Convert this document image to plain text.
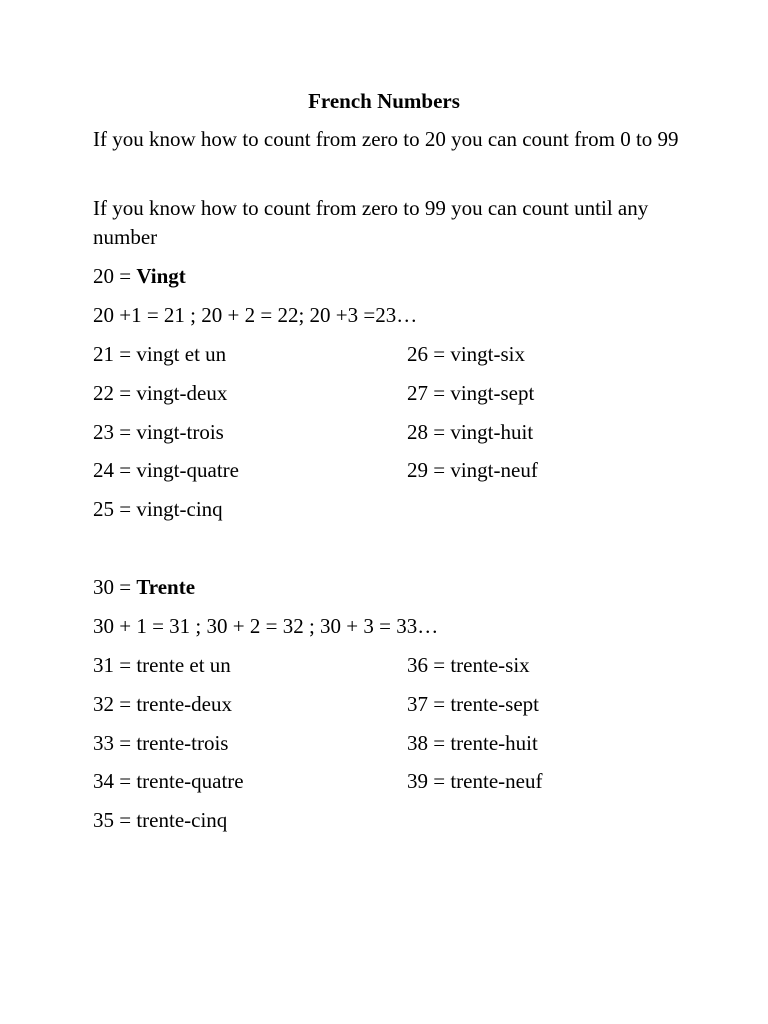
French Numbers
If you know how to count from zero to 20 you can count from 0 to 99
If you know how to count from zero to 99 you can count until any number
20 = Vingt
20 +1 = 21 ; 20 + 2 = 22; 20 +3 =23…
21 = vingt et un
22 = vingt-deux
23 = vingt-trois
24 = vingt-quatre
25 = vingt-cinq
26 = vingt-six
27 = vingt-sept
28 = vingt-huit
29 = vingt-neuf
30 = Trente
30 + 1 = 31 ; 30 + 2 = 32 ; 30 + 3 = 33…
31 = trente et un
32 = trente-deux
33 = trente-trois
34 = trente-quatre
35 = trente-cinq
36 = trente-six
37 = trente-sept
38 = trente-huit
39 = trente-neuf
